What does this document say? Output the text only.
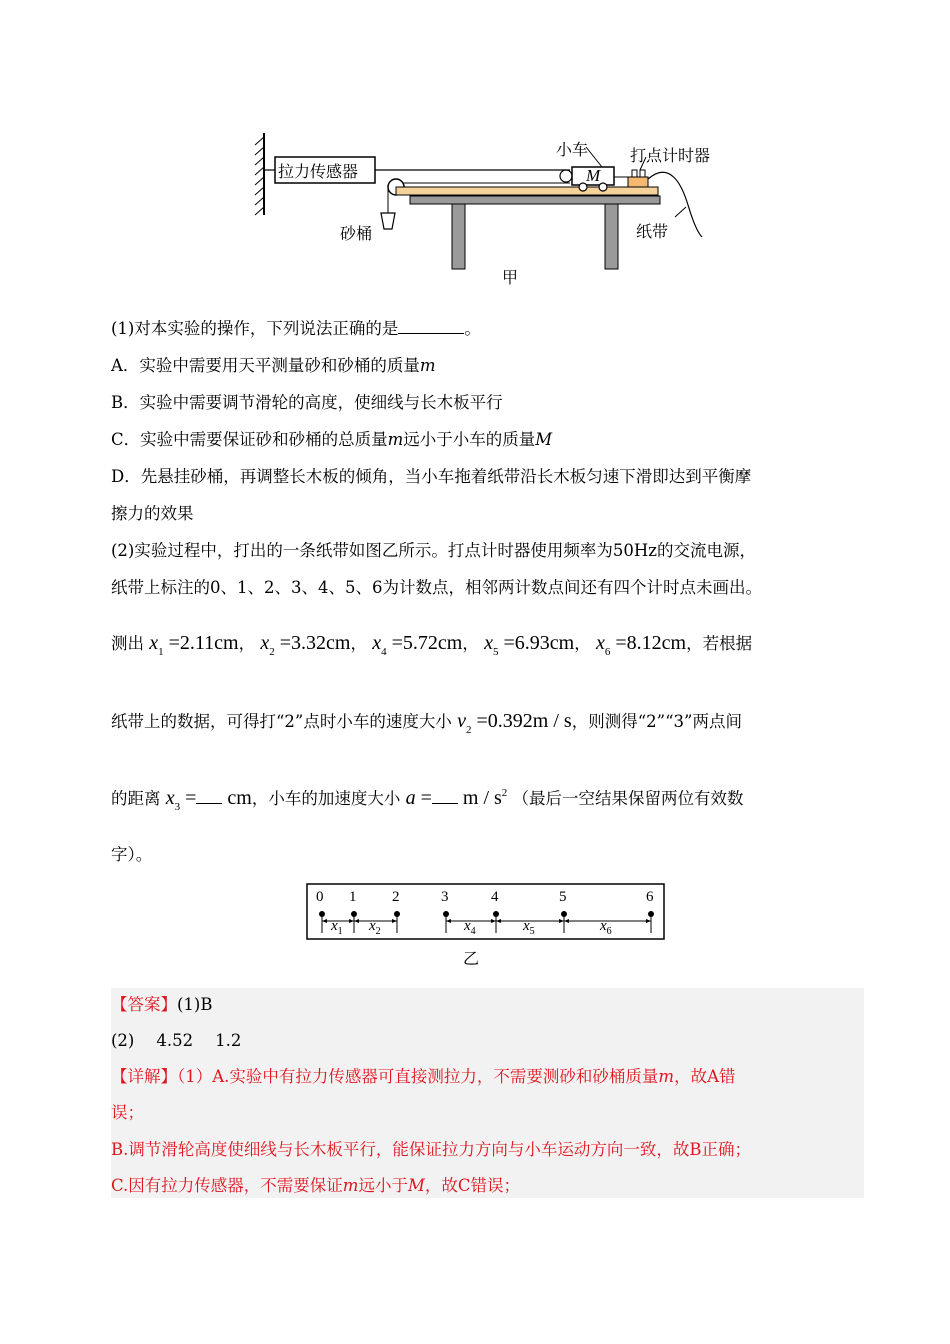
拉力传感器
小车
M
打点计时器
砂桶	纸带
甲
(1)对本实验的操作，下列说法正确的是	。
A．实验中需要用天平测量砂和砂桶的质量m
B．实验中需要调节滑轮的高度，使细线与长木板平行
C．实验中需要保证砂和砂桶的总质量m远小于小车的质量M
D．先悬挂砂桶，再调整长木板的倾角，当小车拖着纸带沿长木板匀速下滑即达到平衡摩
擦力的效果
(2)实验过程中，打出的一条纸带如图乙所示。打点计时器使用频率为50Hz的交流电源，
纸带上标注的0、1、2、3、4、5、6为计数点，相邻两计数点间还有四个计时点未画出。
测出 $x_1 =2.11cm$， $x_2 =3.32cm$， $x_4 =5.72cm$， $x_5 =6.93cm$， $x_6 =8.12cm$，若根据
纸带上的数据，可得打“2”点时小车的速度大小 $v_2 =0.392m / s$，则测得“2”“3”两点间
的距离 $x_3$ = cm，小车的加速度大小 $a = m / s^2$ （最后一空结果保留两位有效数
字）。
0 1 2	3	4	5	6
$x_1$ $x_2$	$x_4$	$x_5$	$x_6$
乙
【答案】(1)B
(2) 4.52 1.2
【详解】（1）A.实验中有拉力传感器可直接测拉力，不需要测砂和砂桶质量m，故A错
误；
B.调节滑轮高度使细线与长木板平行，能保证拉力方向与小车运动方向一致，故B正确；
C.因有拉力传感器，不需要保证m远小于M，故C错误；
